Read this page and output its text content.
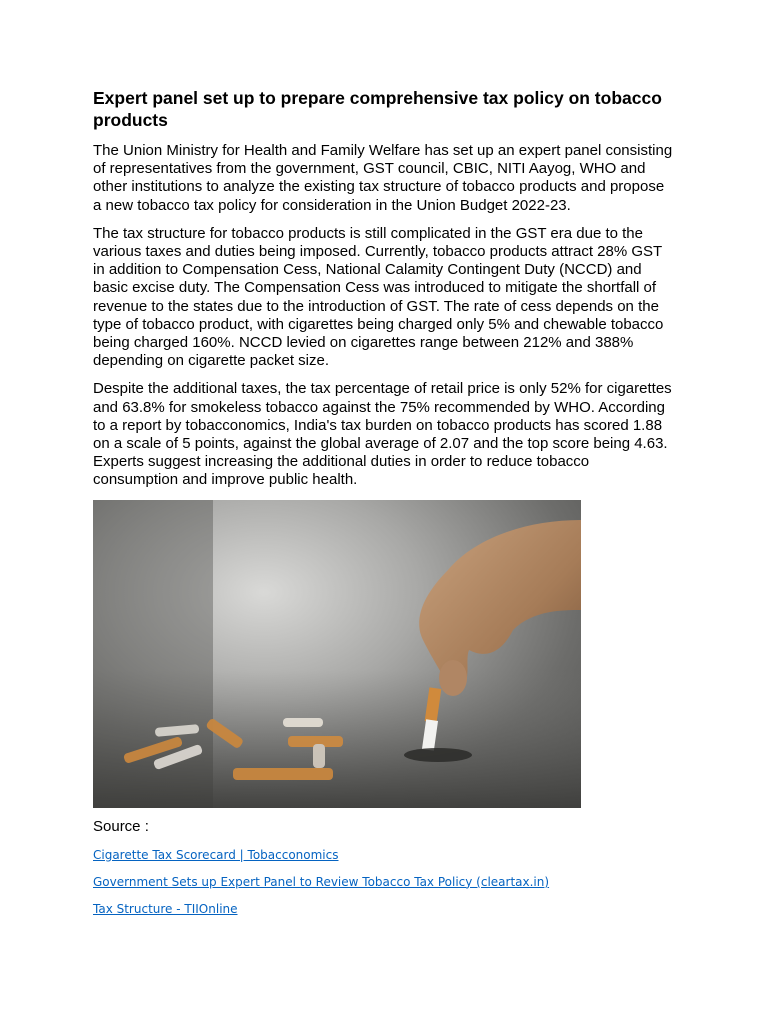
Expert panel set up to prepare comprehensive tax policy on tobacco products

The Union Ministry for Health and Family Welfare has set up an expert panel consisting of representatives from the government, GST council, CBIC, NITI Aayog, WHO and other institutions to analyze the existing tax structure of tobacco products and propose a new tobacco tax policy for consideration in the Union Budget 2022-23.

The tax structure for tobacco products is still complicated in the GST era due to the various taxes and duties being imposed. Currently, tobacco products attract 28% GST in addition to Compensation Cess, National Calamity Contingent Duty (NCCD) and basic excise duty. The Compensation Cess was introduced to mitigate the shortfall of revenue to the states due to the introduction of GST. The rate of cess depends on the type of tobacco product, with cigarettes being charged only 5% and chewable tobacco being charged 160%. NCCD levied on cigarettes range between 212% and 388% depending on cigarette packet size.

Despite the additional taxes, the tax percentage of retail price is only 52% for cigarettes and 63.8% for smokeless tobacco against the 75% recommended by WHO. According to a report by tobacconomics, India's tax burden on tobacco products has scored 1.88 on a scale of 5 points, against the global average of 2.07 and the top score being 4.63. Experts suggest increasing the additional duties in order to reduce tobacco consumption and improve public health.

Source :
Cigarette Tax Scorecard | Tobacconomics
Government Sets up Expert Panel to Review Tobacco Tax Policy (cleartax.in)
Tax Structure - TIIOnline
